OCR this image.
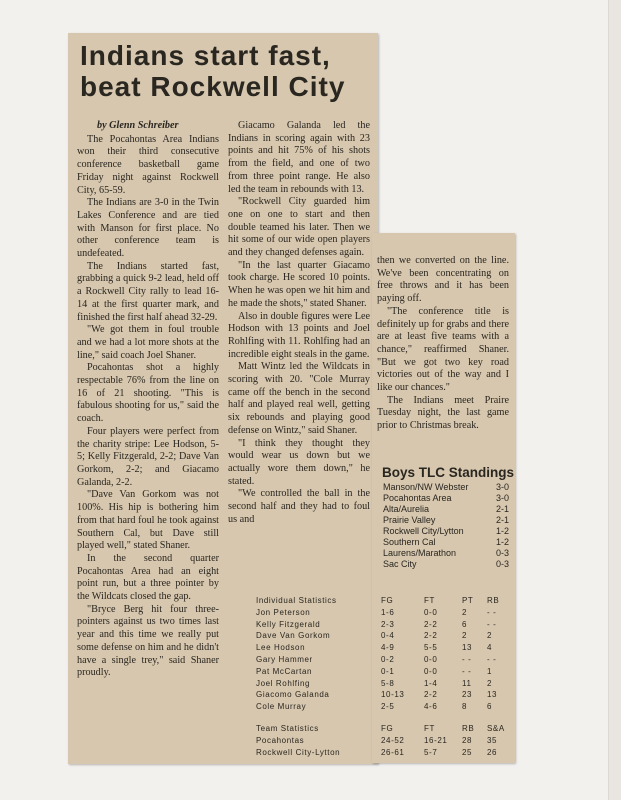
Indians start fast,
beat Rockwell City

by Glenn Schreiber

The Pocahontas Area Indians won their third consecutive conference basketball game Friday night against Rockwell City, 65-59.

The Indians are 3-0 in the Twin Lakes Conference and are tied with Manson for first place. No other conference team is undefeated.

The Indians started fast, grabbing a quick 9-2 lead, held off a Rockwell City rally to lead 16-14 at the first quarter mark, and finished the first half ahead 32-29.

"We got them in foul trouble and we had a lot more shots at the line," said coach Joel Shaner.

Pocahontas shot a highly respectable 76% from the line on 16 of 21 shooting. "This is fabulous shooting for us," said the coach.

Four players were perfect from the charity stripe: Lee Hodson, 5-5; Kelly Fitzgerald, 2-2; Dave Van Gorkom, 2-2; and Giacamo Galanda, 2-2.

"Dave Van Gorkom was not 100%. His hip is bothering him from that hard foul he took against Southern Cal, but Dave still played well," stated Shaner.

In the second quarter Pocahontas Area had an eight point run, but a three pointer by the Wildcats closed the gap.

"Bryce Berg hit four three-pointers against us two times last year and this time we really put some defense on him and he didn't have a single trey," said Shaner proudly.

Giacamo Galanda led the Indians in scoring again with 23 points and hit 75% of his shots from the field, and one of two from three point range. He also led the team in rebounds with 13.

"Rockwell City guarded him one on one to start and then double teamed his later. Then we hit some of our wide open players and they changed defenses again.

"In the last quarter Giacamo took charge. He scored 10 points. When he was open we hit him and he made the shots," stated Shaner.

Also in double figures were Lee Hodson with 13 points and Joel Rohlfing with 11. Rohlfing had an incredible eight steals in the game.

Matt Wintz led the Wildcats in scoring with 20. "Cole Murray came off the bench in the second half and played real well, getting six rebounds and playing good defense on Wintz," said Shaner.

"I think they thought they would wear us down but we actually wore them down," he stated.

"We controlled the ball in the second half and they had to foul us and

then we converted on the line. We've been concentrating on free throws and it has been paying off.

"The conference title is definitely up for grabs and there are at least five teams with a chance," reaffirmed Shaner. "But we got two key road victories out of the way and I like our chances."

The Indians meet Praire Tuesday night, the last game prior to Christmas break.

Boys TLC Standings
Manson/NW Webster	3-0
Pocahontas Area	3-0
Alta/Aurelia	2-1
Prairie Valley	2-1
Rockwell City/Lytton	1-2
Southern Cal	1-2
Laurens/Marathon	0-3
Sac City	0-3
Individual Statistics	FG	FT	PT	RB
Jon Peterson	1-6	0-0	2	- -
Kelly Fitzgerald	2-3	2-2	6	- -
Dave Van Gorkom	0-4	2-2	2	2
Lee Hodson	4-9	5-5	13	4
Gary Hammer	0-2	0-0	- -	- -
Pat McCartan	0-1	0-0	- -	1
Joel Rohlfing	5-8	1-4	11	2
Giacomo Galanda	10-13	2-2	23	13
Cole Murray	2-5	4-6	8	6
Team Statistics	FG	FT	RB	S&A
Pocahontas	24-52	16-21	28	35
Rockwell City-Lytton	26-61	5-7	25	26
